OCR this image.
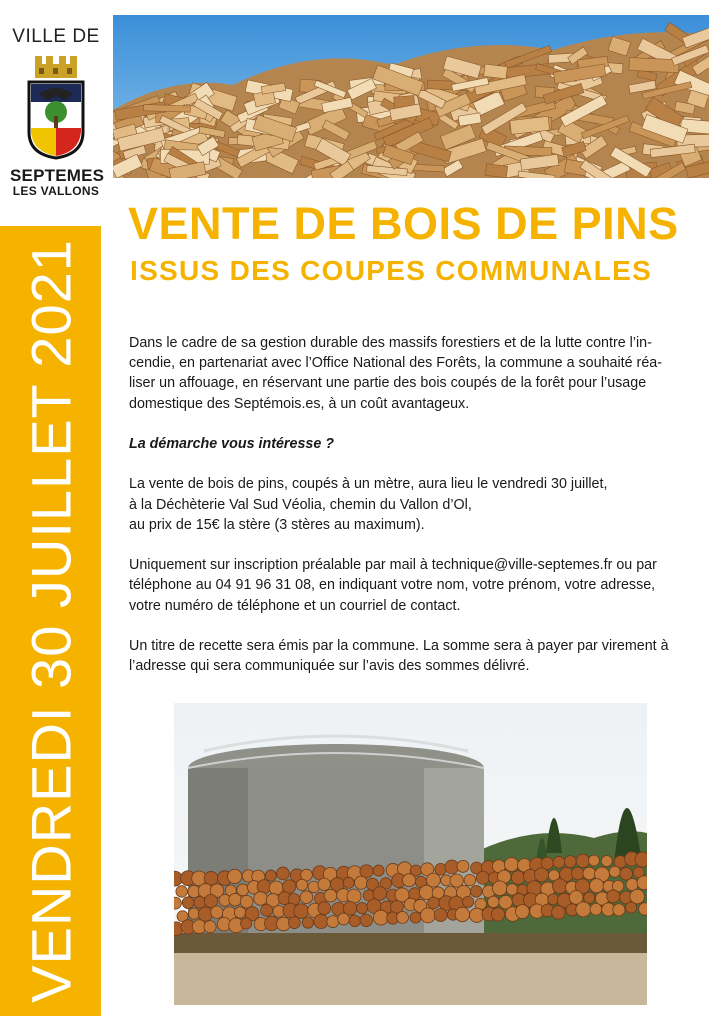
VILLE DE
SEPTEMES
LES VALLONS
VENDREDI 30 JUILLET 2021
VENTE DE BOIS DE PINS
ISSUS DES COUPES COMMUNALES

Dans le cadre de sa gestion durable des massifs forestiers et de la lutte contre l’in-
cendie, en partenariat avec l’Office National des Forêts, la commune a souhaité réa-
liser un affouage, en réservant une partie des bois coupés de la forêt pour l’usage
domestique des Septémois.es, à un coût avantageux.

La démarche vous intéresse ?

La vente de bois de pins, coupés à un mètre, aura lieu le vendredi 30 juillet,
à la Déchèterie Val Sud Véolia, chemin du Vallon d’Ol,
au prix de 15€ la stère (3 stères au maximum).

Uniquement sur inscription préalable par mail à technique@ville-septemes.fr ou par
téléphone au 04 91 96 31 08, en indiquant votre nom, votre prénom, votre adresse,
votre numéro de téléphone et un courriel de contact.

Un titre de recette sera émis par la commune. La somme sera à payer par virement à
l’adresse qui sera communiquée sur l’avis des sommes délivré.
